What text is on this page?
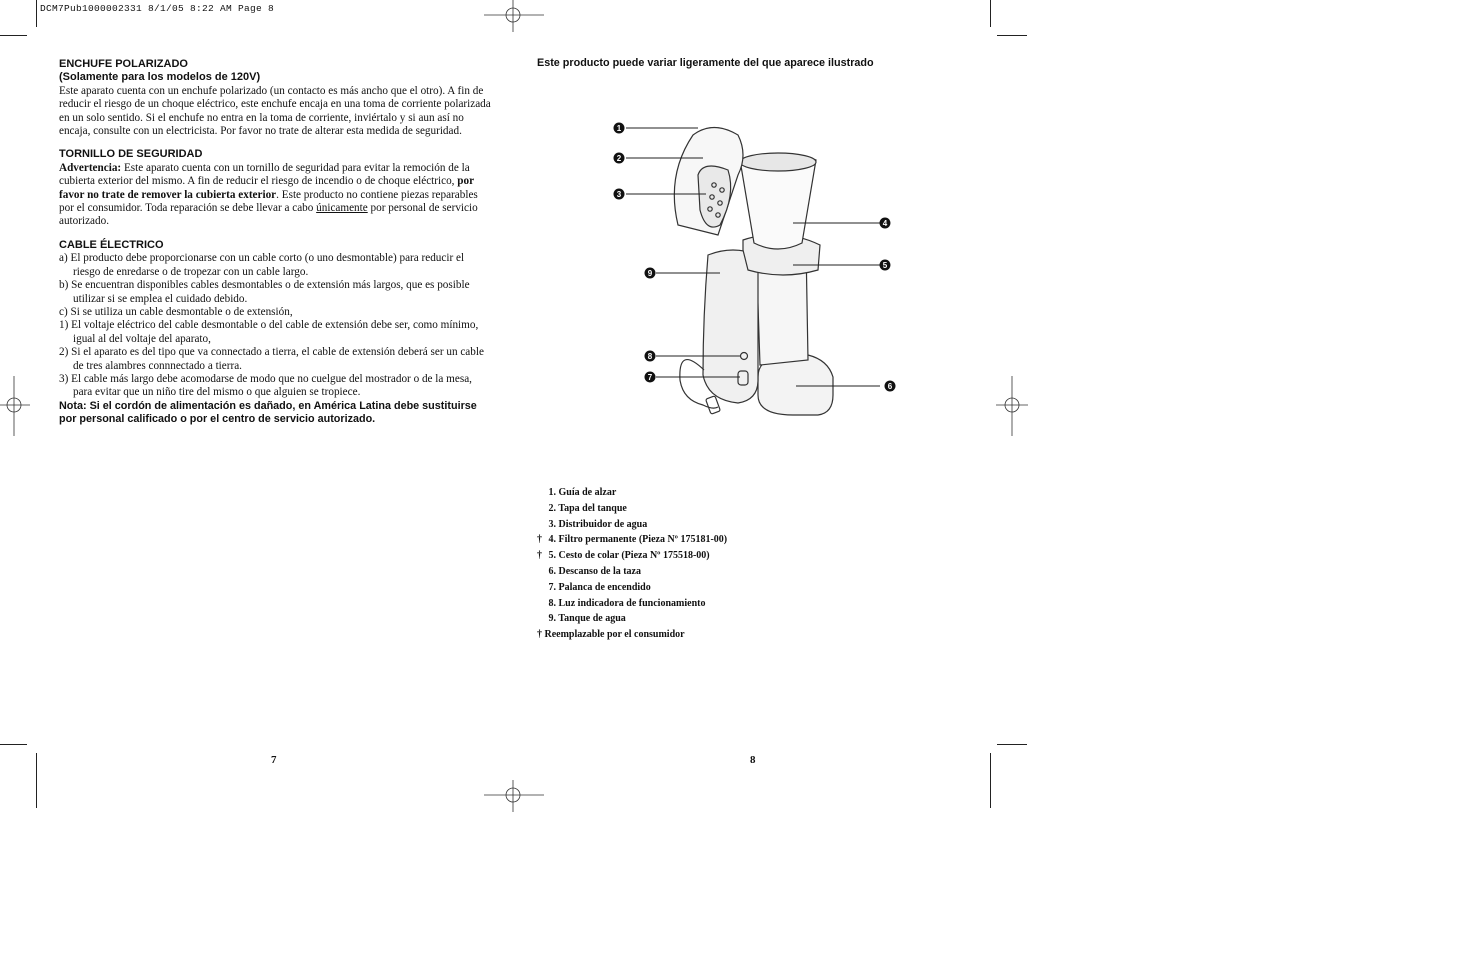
DCM7Pub1000002331 8/1/05 8:22 AM Page 8
ENCHUFE POLARIZADO
(Solamente para los modelos de 120V)

Este aparato cuenta con un enchufe polarizado (un contacto es más ancho que el otro). A fin de reducir el riesgo de un choque eléctrico, este enchufe encaja en una toma de corriente polarizada en un solo sentido. Si el enchufe no entra en la toma de corriente, inviértalo y si aun así no encaja, consulte con un electricista. Por favor no trate de alterar esta medida de seguridad.

TORNILLO DE SEGURIDAD

Advertencia: Este aparato cuenta con un tornillo de seguridad para evitar la remoción de la cubierta exterior del mismo. A fin de reducir el riesgo de incendio o de choque eléctrico, por favor no trate de remover la cubierta exterior. Este producto no contiene piezas reparables por el consumidor. Toda reparación se debe llevar a cabo únicamente por personal de servicio autorizado.

CABLE ÉLECTRICO

a) El producto debe proporcionarse con un cable corto (o uno desmontable) para reducir el riesgo de enredarse o de tropezar con un cable largo.

b) Se encuentran disponibles cables desmontables o de extensión más largos, que es posible utilizar si se emplea el cuidado debido.

c) Si se utiliza un cable desmontable o de extensión,

1) El voltaje eléctrico del cable desmontable o del cable de extensión debe ser, como mínimo, igual al del voltaje del aparato,

2) Si el aparato es del tipo que va connectado a tierra, el cable de extensión deberá ser un cable de tres alambres connnectado a tierra.

3) El cable más largo debe acomodarse de modo que no cuelgue del mostrador o de la mesa, para evitar que un niño tire del mismo o que alguien se tropiece.

Nota: Si el cordón de alimentación es dañado, en América Latina debe sustituirse por personal calificado o por el centro de servicio autorizado.

Este producto puede variar ligeramente del que aparece ilustrado
1
2
3
4
5
6
7
8
9
1. Guía de alzar
2. Tapa del tanque
3. Distribuidor de agua
† 4. Filtro permanente (Pieza Nº 175181-00)
† 5. Cesto de colar (Pieza Nº 175518-00)
6. Descanso de la taza
7. Palanca de encendido
8. Luz indicadora de funcionamiento
9. Tanque de agua
† Reemplazable por el consumidor
7	8
